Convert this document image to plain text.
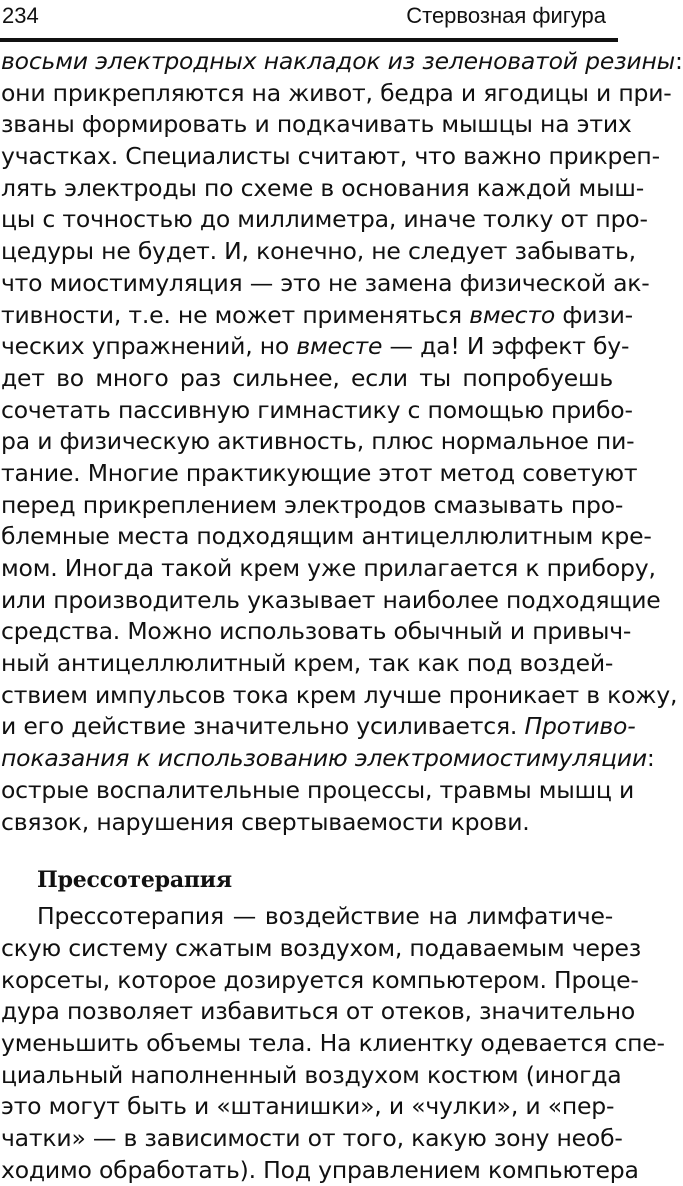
234	Стервозная фигура
восьми электродных накладок из зеленоватой резины:
они прикрепляются на живот, бедра и ягодицы и при-
званы формировать и подкачивать мышцы на этих
участках. Специалисты считают, что важно прикреп-
лять электроды по схеме в основания каждой мыш-
цы с точностью до миллиметра, иначе толку от про-
цедуры не будет. И, конечно, не следует забывать,
что миостимуляция — это не замена физической ак-
тивности, т.е. не может применяться вместо физи-
ческих упражнений, но вместе — да! И эффект бу-
дет во много раз сильнее, если ты попробуешь
сочетать пассивную гимнастику с помощью прибо-
ра и физическую активность, плюс нормальное пи-
тание. Многие практикующие этот метод советуют
перед прикреплением электродов смазывать про-
блемные места подходящим антицеллюлитным кре-
мом. Иногда такой крем уже прилагается к прибору,
или производитель указывает наиболее подходящие
средства. Можно использовать обычный и привыч-
ный антицеллюлитный крем, так как под воздей-
ствием импульсов тока крем лучше проникает в кожу,
и его действие значительно усиливается. Противо-
показания к использованию электромиостимуляции:
острые воспалительные процессы, травмы мышц и
связок, нарушения свертываемости крови.
Прессотерапия
Прессотерапия — воздействие на лимфатиче-
скую систему сжатым воздухом, подаваемым через
корсеты, которое дозируется компьютером. Проце-
дура позволяет избавиться от отеков, значительно
уменьшить объемы тела. На клиентку одевается спе-
циальный наполненный воздухом костюм (иногда
это могут быть и «штанишки», и «чулки», и «пер-
чатки» — в зависимости от того, какую зону необ-
ходимо обработать). Под управлением компьютера
